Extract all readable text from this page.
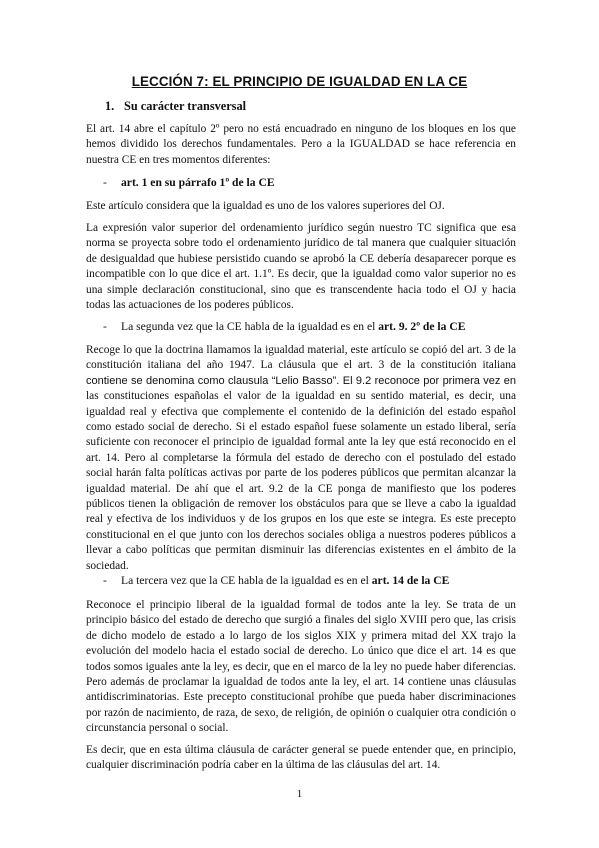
LECCIÓN 7: EL PRINCIPIO DE IGUALDAD EN LA CE
1. Su carácter transversal
El art. 14 abre el capítulo 2º pero no está encuadrado en ninguno de los bloques en los que hemos dividido los derechos fundamentales. Pero a la IGUALDAD se hace referencia en nuestra CE en tres momentos diferentes:
- art. 1 en su párrafo 1º de la CE
Este artículo considera que la igualdad es uno de los valores superiores del OJ.
La expresión valor superior del ordenamiento jurídico según nuestro TC significa que esa norma se proyecta sobre todo el ordenamiento jurídico de tal manera que cualquier situación de desigualdad que hubiese persistido cuando se aprobó la CE debería desaparecer porque es incompatible con lo que dice el art. 1.1º. Es decir, que la igualdad como valor superior no es una simple declaración constitucional, sino que es transcendente hacia todo el OJ y hacia todas las actuaciones de los poderes públicos.
- La segunda vez que la CE habla de la igualdad es en el art. 9. 2º de la CE
Recoge lo que la doctrina llamamos la igualdad material, este artículo se copió del art. 3 de la constitución italiana del año 1947. La cláusula que el art. 3 de la constitución italiana contiene se denomina como clausula “Lelio Basso”. El 9.2 reconoce por primera vez en las constituciones españolas el valor de la igualdad en su sentido material, es decir, una igualdad real y efectiva que complemente el contenido de la definición del estado español como estado social de derecho. Si el estado español fuese solamente un estado liberal, sería suficiente con reconocer el principio de igualdad formal ante la ley que está reconocido en el art. 14. Pero al completarse la fórmula del estado de derecho con el postulado del estado social harán falta políticas activas por parte de los poderes públicos que permitan alcanzar la igualdad material. De ahí que el art. 9.2 de la CE ponga de manifiesto que los poderes públicos tienen la obligación de remover los obstáculos para que se lleve a cabo la igualdad real y efectiva de los individuos y de los grupos en los que este se integra. Es este precepto constitucional en el que junto con los derechos sociales obliga a nuestros poderes públicos a llevar a cabo políticas que permitan disminuir las diferencias existentes en el ámbito de la sociedad.
- La tercera vez que la CE habla de la igualdad es en el art. 14 de la CE
Reconoce el principio liberal de la igualdad formal de todos ante la ley. Se trata de un principio básico del estado de derecho que surgió a finales del siglo XVIII pero que, las crisis de dicho modelo de estado a lo largo de los siglos XIX y primera mitad del XX trajo la evolución del modelo hacia el estado social de derecho. Lo único que dice el art. 14 es que todos somos iguales ante la ley, es decir, que en el marco de la ley no puede haber diferencias. Pero además de proclamar la igualdad de todos ante la ley, el art. 14 contiene unas cláusulas antidiscriminatorias. Este precepto constitucional prohíbe que pueda haber discriminaciones por razón de nacimiento, de raza, de sexo, de religión, de opinión o cualquier otra condición o circunstancia personal o social.
Es decir, que en esta última cláusula de carácter general se puede entender que, en principio, cualquier discriminación podría caber en la última de las cláusulas del art. 14.
1
